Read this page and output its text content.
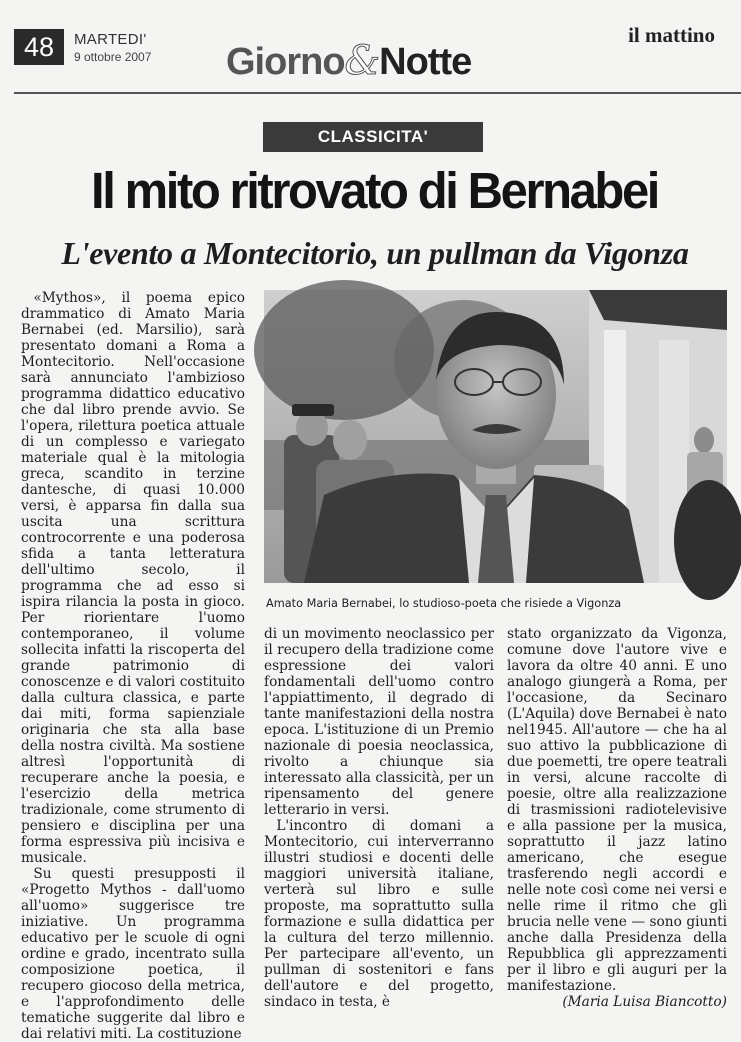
48	MARTEDI'
9 ottobre 2007 Giorno&Notte
il mattino
CLASSICITA'
Il mito ritrovato di Bernabei
L'evento a Montecitorio, un pullman da Vigonza

«Mythos», il poema epico drammatico di Amato Maria Bernabei (ed. Marsilio), sarà presentato domani a Roma a Montecitorio. Nell'occasione sarà annunciato l'ambizioso programma didattico educativo che dal libro prende avvio. Se l'opera, rilettura poetica attuale di un complesso e variegato materiale qual è la mitologia greca, scandito in terzine dantesche, di quasi 10.000 versi, è apparsa fin dalla sua uscita una scrittura controcorrente e una poderosa sfida a tanta letteratura dell'ultimo secolo, il programma che ad esso si ispira rilancia la posta in gioco. Per riorientare l'uomo contemporaneo, il volume sollecita infatti la riscoperta del grande patrimonio di conoscenze e di valori costituito dalla cultura classica, e parte dai miti, forma sapienziale originaria che sta alla base della nostra civiltà. Ma sostiene altresì l'opportunità di recuperare anche la poesia, e l'esercizio della metrica tradizionale, come strumento di pensiero e disciplina per una forma espressiva più incisiva e musicale.

Su questi presupposti il «Progetto Mythos - dall'uomo all'uomo» suggerisce tre iniziative. Un programma educativo per le scuole di ogni ordine e grado, incentrato sulla composizione poetica, il recupero giocoso della metrica, e l'approfondimento delle tematiche suggerite dal libro e dai relativi miti. La costituzione

Amato Maria Bernabei, lo studioso-poeta che risiede a Vigonza

di un movimento neoclassico per il recupero della tradizione come espressione dei valori fondamentali dell'uomo contro l'appiattimento, il degrado di tante manifestazioni della nostra epoca. L'istituzione di un Premio nazionale di poesia neoclassica, rivolto a chiunque sia interessato alla classicità, per un ripensamento del genere letterario in versi.

L'incontro di domani a Montecitorio, cui interverranno illustri studiosi e docenti delle maggiori università italiane, verterà sul libro e sulle proposte, ma soprattutto sulla formazione e sulla didattica per la cultura del terzo millennio. Per partecipare all'evento, un pullman di sostenitori e fans dell'autore e del progetto, sindaco in testa, è

stato organizzato da Vigonza, comune dove l'autore vive e lavora da oltre 40 anni. E uno analogo giungerà a Roma, per l'occasione, da Secinaro (L'Aquila) dove Bernabei è nato nel1945. All'autore — che ha al suo attivo la pubblicazione di due poemetti, tre opere teatrali in versi, alcune raccolte di poesie, oltre alla realizzazione di trasmissioni radiotelevisive e alla passione per la musica, soprattutto il jazz latino americano, che esegue trasferendo negli accordi e nelle note così come nei versi e nelle rime il ritmo che gli brucia nelle vene — sono giunti anche dalla Presidenza della Repubblica gli apprezzamenti per il libro e gli auguri per la manifestazione.

(Maria Luisa Biancotto)
